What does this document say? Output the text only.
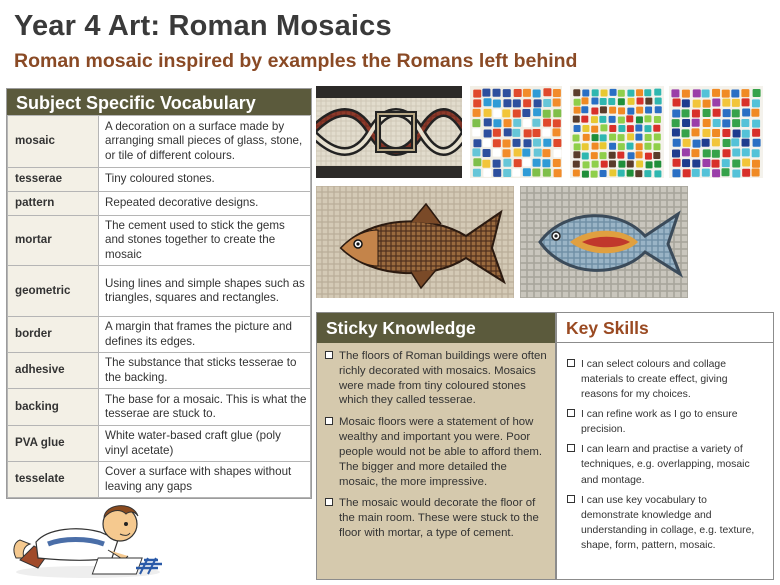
Year 4 Art: Roman Mosaics
Roman mosaic inspired by examples the Romans left behind
Subject Specific Vocabulary
mosaic	A decoration on a surface made by arranging small pieces of glass, stone, or tile of different colours.
tesserae	Tiny coloured stones.
pattern	Repeated decorative designs.
mortar	The cement used to stick the gems and stones together to create the mosaic
geometric	Using lines and simple shapes such as triangles, squares and rectangles.
border	A margin that frames the picture and defines its edges.
adhesive	The substance that sticks tesserae to the backing.
backing	The base for a mosaic. This is what the tesserae are stuck to.
PVA glue	White water-based craft glue (poly vinyl acetate)
tesselate	Cover a surface with shapes without leaving any gaps
Sticky Knowledge
The floors of Roman buildings were often richly decorated with mosaics. Mosaics were made from tiny coloured stones which they called tesserae.
Mosaic floors were a statement of how wealthy and important you were. Poor people would not be able to afford them. The bigger and more detailed the mosaic, the more impressive.
The mosaic would decorate the floor of the main room. These were stuck to the floor with mortar, a type of cement.
Key Skills
I can select colours and collage materials to create effect, giving reasons for my choices.
I can refine work as I go to ensure precision.
I can learn and practise a variety of techniques, e.g. overlapping, mosaic and montage.
I can use key vocabulary to demonstrate knowledge and understanding in collage, e.g. texture, shape, form, pattern, mosaic.
